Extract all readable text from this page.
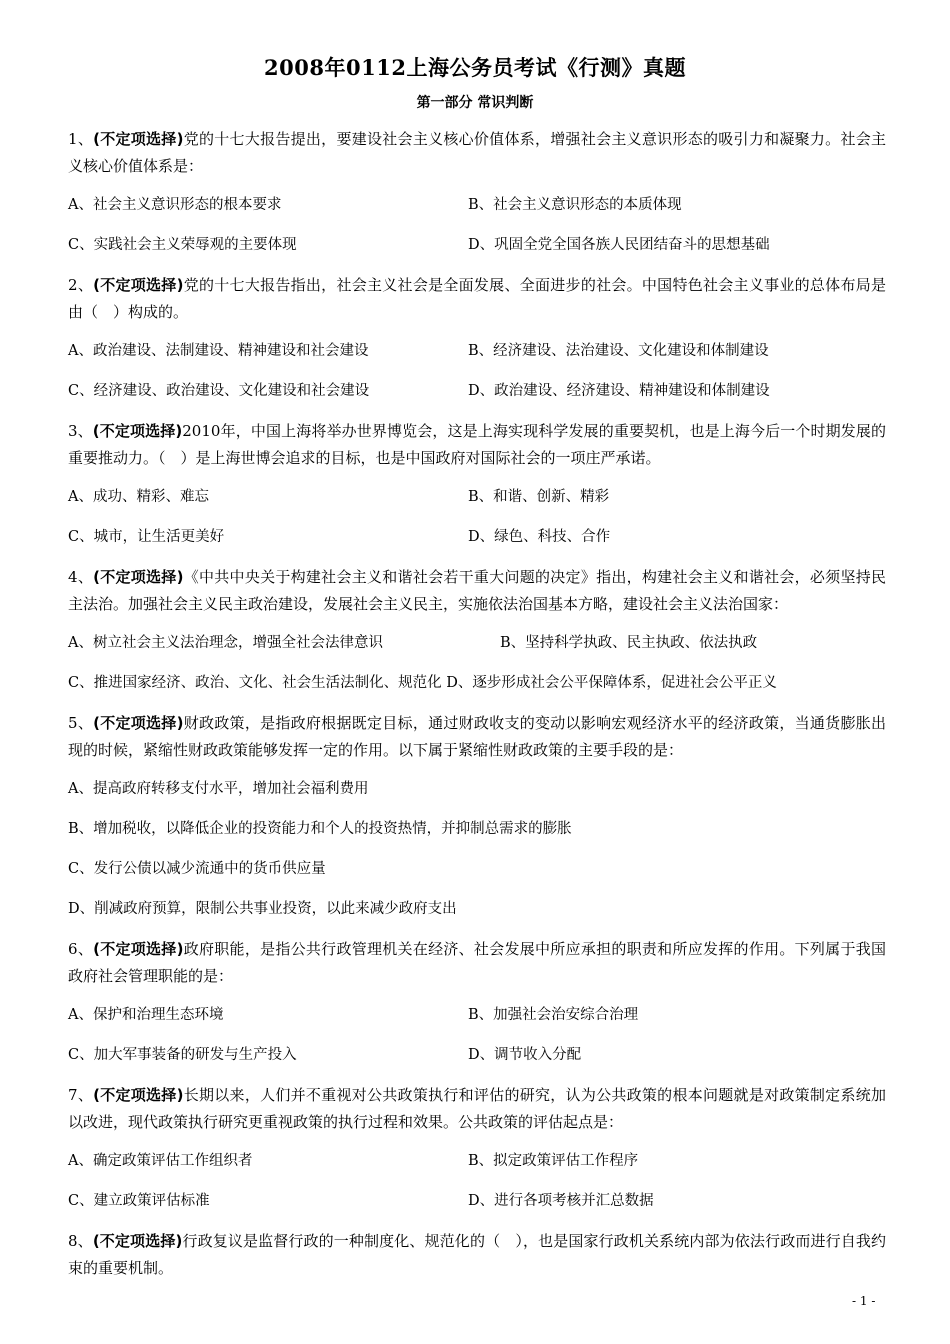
2008年0112上海公务员考试《行测》真题
第一部分 常识判断

1、(不定项选择)党的十七大报告提出，要建设社会主义核心价值体系，增强社会主义意识形态的吸引力和凝聚力。社会主义核心价值体系是：

A、社会主义意识形态的根本要求	B、社会主义意识形态的本质体现
C、实践社会主义荣辱观的主要体现	D、巩固全党全国各族人民团结奋斗的思想基础

2、(不定项选择)党的十七大报告指出，社会主义社会是全面发展、全面进步的社会。中国特色社会主义事业的总体布局是由（　）构成的。

A、政治建设、法制建设、精神建设和社会建设	B、经济建设、法治建设、文化建设和体制建设
C、经济建设、政治建设、文化建设和社会建设	D、政治建设、经济建设、精神建设和体制建设

3、(不定项选择)2010年，中国上海将举办世界博览会，这是上海实现科学发展的重要契机，也是上海今后一个时期发展的重要推动力。（　）是上海世博会追求的目标，也是中国政府对国际社会的一项庄严承诺。

A、成功、精彩、难忘	B、和谐、创新、精彩
C、城市，让生活更美好	D、绿色、科技、合作

4、(不定项选择)《中共中央关于构建社会主义和谐社会若干重大问题的决定》指出，构建社会主义和谐社会，必须坚持民主法治。加强社会主义民主政治建设，发展社会主义民主，实施依法治国基本方略，建设社会主义法治国家：

A、树立社会主义法治理念，增强全社会法律意识	B、坚持科学执政、民主执政、依法执政
C、推进国家经济、政治、文化、社会生活法制化、规范化 D、逐步形成社会公平保障体系，促进社会公平正义

5、(不定项选择)财政政策，是指政府根据既定目标，通过财政收支的变动以影响宏观经济水平的经济政策，当通货膨胀出现的时候，紧缩性财政政策能够发挥一定的作用。以下属于紧缩性财政政策的主要手段的是：

A、提高政府转移支付水平，增加社会福利费用
B、增加税收，以降低企业的投资能力和个人的投资热情，并抑制总需求的膨胀
C、发行公债以减少流通中的货币供应量
D、削减政府预算，限制公共事业投资，以此来减少政府支出

6、(不定项选择)政府职能，是指公共行政管理机关在经济、社会发展中所应承担的职责和所应发挥的作用。下列属于我国政府社会管理职能的是：

A、保护和治理生态环境	B、加强社会治安综合治理
C、加大军事装备的研发与生产投入	D、调节收入分配

7、(不定项选择)长期以来，人们并不重视对公共政策执行和评估的研究，认为公共政策的根本问题就是对政策制定系统加以改进，现代政策执行研究更重视政策的执行过程和效果。公共政策的评估起点是：

A、确定政策评估工作组织者	B、拟定政策评估工作程序
C、建立政策评估标准	D、进行各项考核并汇总数据

8、(不定项选择)行政复议是监督行政的一种制度化、规范化的（　），也是国家行政机关系统内部为依法行政而进行自我约束的重要机制。

- 1 -
